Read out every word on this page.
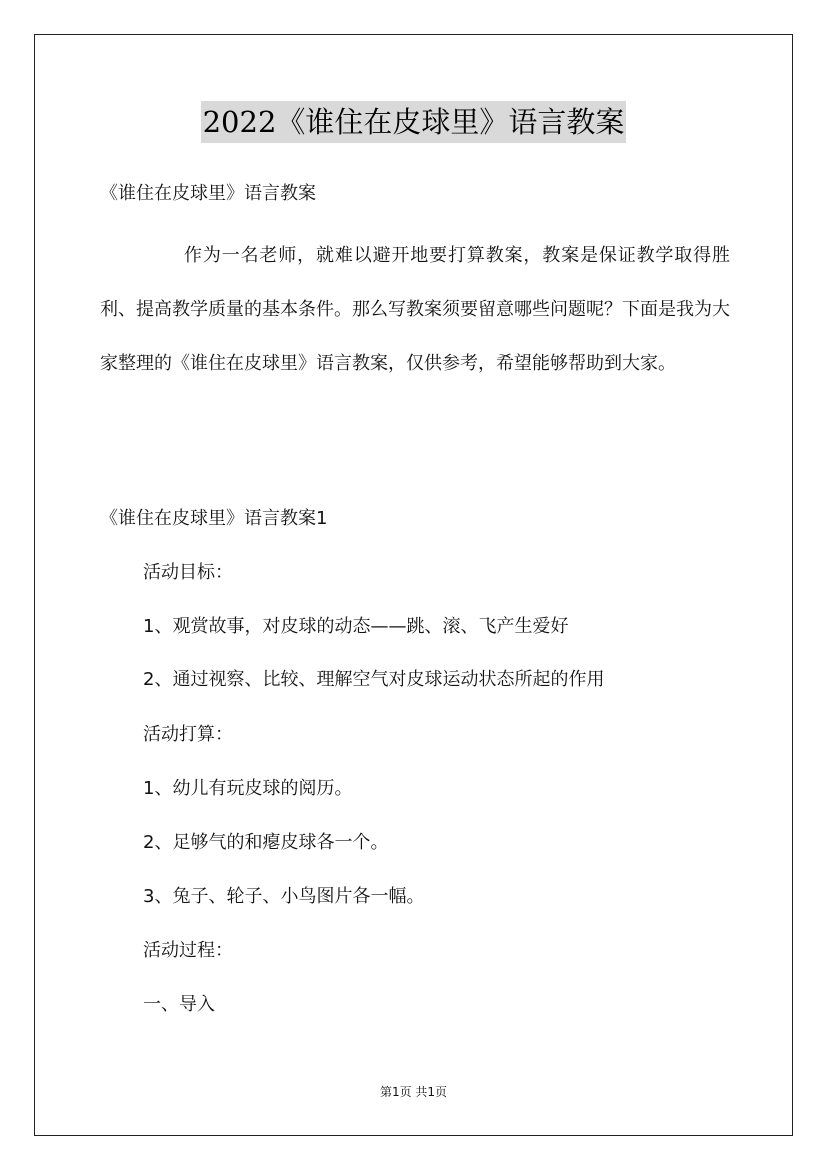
2022《谁住在皮球里》语言教案
《谁住在皮球里》语言教案

作为一名老师，就难以避开地要打算教案，教案是保证教学取得胜利、提高教学质量的基本条件。那么写教案须要留意哪些问题呢？下面是我为大家整理的《谁住在皮球里》语言教案，仅供参考，希望能够帮助到大家。

《谁住在皮球里》语言教案1
活动目标：
1、观赏故事，对皮球的动态——跳、滚、飞产生爱好
2、通过视察、比较、理解空气对皮球运动状态所起的作用
活动打算：
1、幼儿有玩皮球的阅历。
2、足够气的和瘪皮球各一个。
3、兔子、轮子、小鸟图片各一幅。
活动过程：
一、导入
第1页 共1页
